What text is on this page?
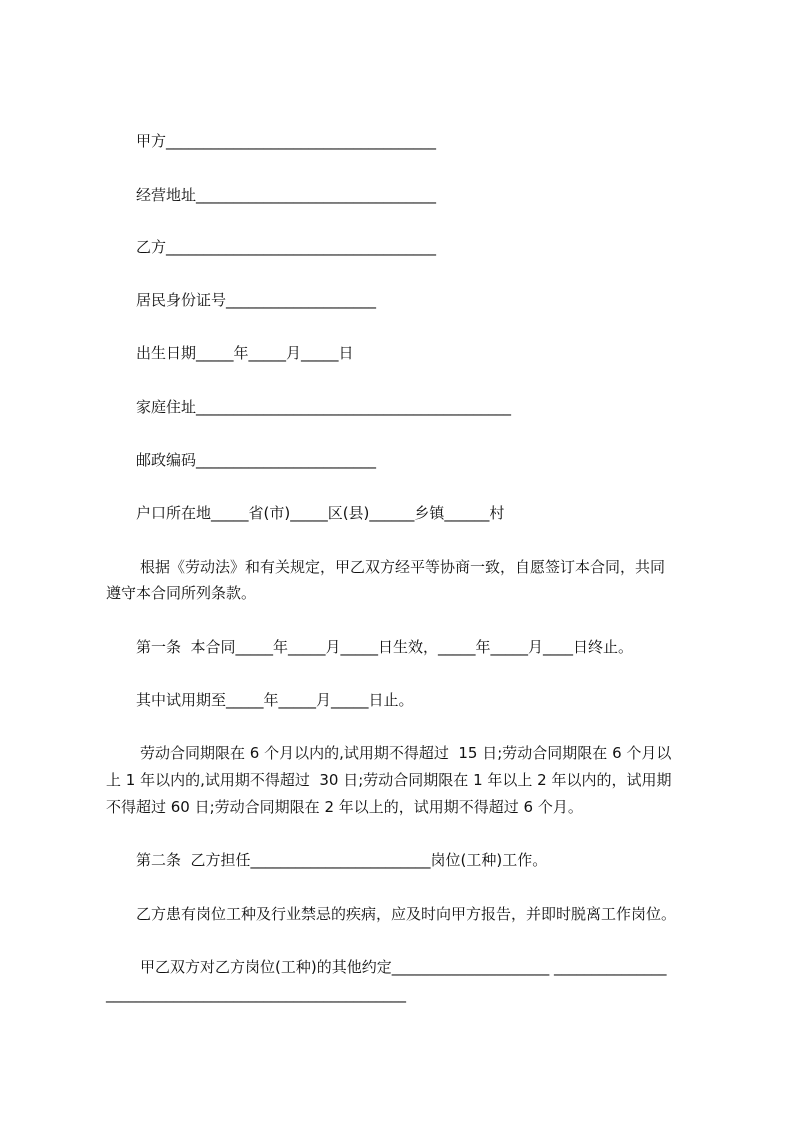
甲方____________________________________
经营地址________________________________
乙方____________________________________
居民身份证号____________________
出生日期_____年_____月_____日
家庭住址__________________________________________
邮政编码________________________
户口所在地_____省(市)_____区(县)______乡镇______村
根据《劳动法》和有关规定，甲乙双方经平等协商一致，自愿签订本合同，共同
遵守本合同所列条款。
第一条  本合同_____年_____月_____日生效，_____年_____月____日终止。
其中试用期至_____年_____月_____日止。
劳动合同期限在 6 个月以内的,试用期不得超过  15 日;劳动合同期限在 6 个月以
上 1 年以内的,试用期不得超过  30 日;劳动合同期限在 1 年以上 2 年以内的，试用期
不得超过 60 日;劳动合同期限在 2 年以上的，试用期不得超过 6 个月。
第二条  乙方担任________________________岗位(工种)工作。
乙方患有岗位工种及行业禁忌的疾病，应及时向甲方报告，并即时脱离工作岗位。
甲乙双方对乙方岗位(工种)的其他约定_____________________ _______________
________________________________________
